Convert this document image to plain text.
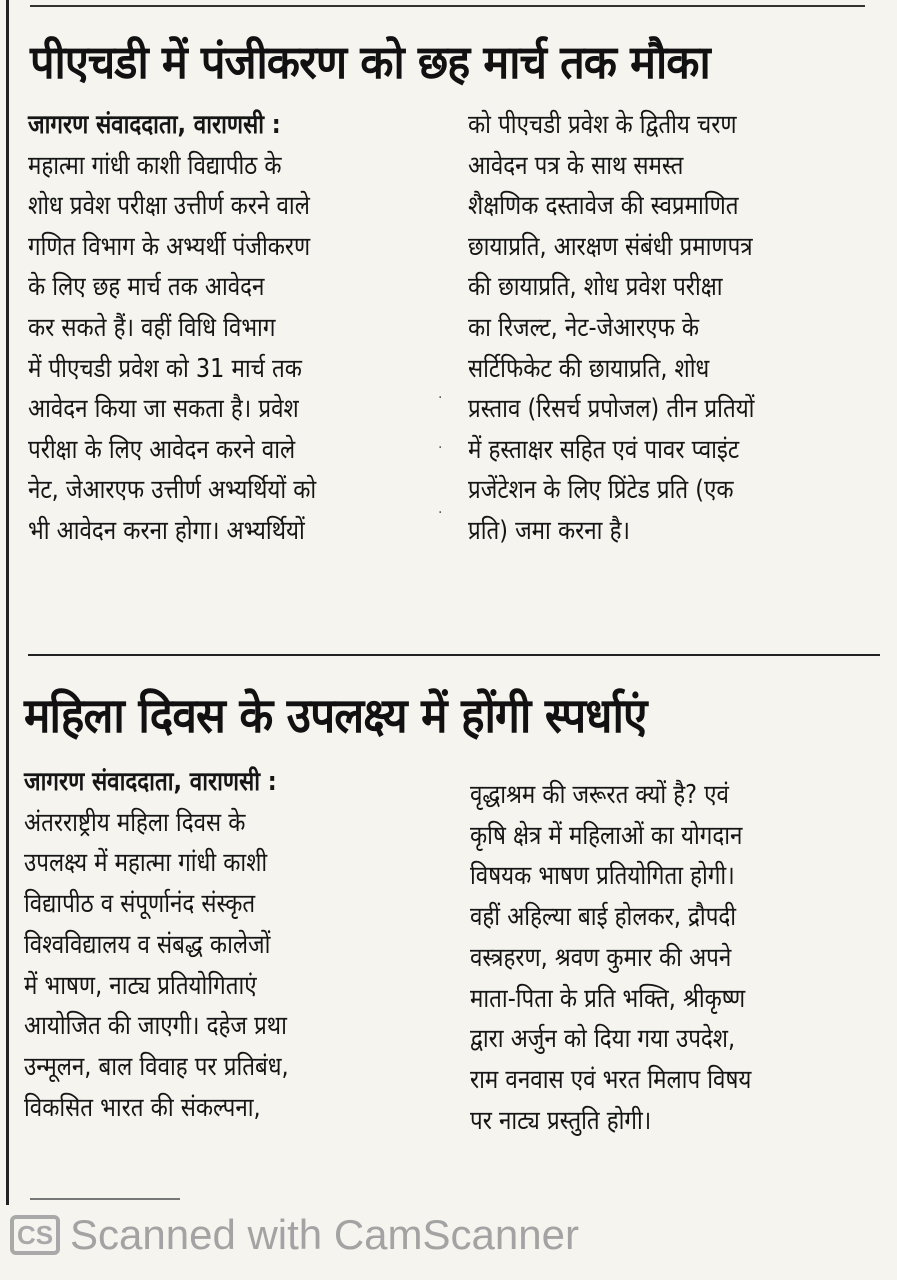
पीएचडी में पंजीकरण को छह मार्च तक मौका
जागरण संवाददाता, वाराणसी :
महात्मा गांधी काशी विद्यापीठ के
शोध प्रवेश परीक्षा उत्तीर्ण करने वाले
गणित विभाग के अभ्यर्थी पंजीकरण
के लिए छह मार्च तक आवेदन
कर सकते हैं। वहीं विधि विभाग
में पीएचडी प्रवेश को 31 मार्च तक
आवेदन किया जा सकता है। प्रवेश
परीक्षा के लिए आवेदन करने वाले
नेट, जेआरएफ उत्तीर्ण अभ्यर्थियों को
भी आवेदन करना होगा। अभ्यर्थियों
·
·
·
को पीएचडी प्रवेश के द्वितीय चरण
आवेदन पत्र के साथ समस्त
शैक्षणिक दस्तावेज की स्वप्रमाणित
छायाप्रति, आरक्षण संबंधी प्रमाणपत्र
की छायाप्रति, शोध प्रवेश परीक्षा
का रिजल्ट, नेट-जेआरएफ के
सर्टिफिकेट की छायाप्रति, शोध
प्रस्ताव (रिसर्च प्रपोजल) तीन प्रतियों
में हस्ताक्षर सहित एवं पावर प्वाइंट
प्रजेंटेशन के लिए प्रिंटेड प्रति (एक
प्रति) जमा करना है।
महिला दिवस के उपलक्ष्य में होंगी स्पर्धाएं
जागरण संवाददाता, वाराणसी :
अंतरराष्ट्रीय महिला दिवस के
उपलक्ष्य में महात्मा गांधी काशी
विद्यापीठ व संपूर्णानंद संस्कृत
विश्वविद्यालय व संबद्ध कालेजों
में भाषण, नाट्य प्रतियोगिताएं
आयोजित की जाएगी। दहेज प्रथा
उन्मूलन, बाल विवाह पर प्रतिबंध,
विकसित भारत की संकल्पना,
वृद्धाश्रम की जरूरत क्यों है? एवं
कृषि क्षेत्र में महिलाओं का योगदान
विषयक भाषण प्रतियोगिता होगी।
वहीं अहिल्या बाई होलकर, द्रौपदी
वस्त्रहरण, श्रवण कुमार की अपने
माता-पिता के प्रति भक्ति, श्रीकृष्ण
द्वारा अर्जुन को दिया गया उपदेश,
राम वनवास एवं भरत मिलाप विषय
पर नाट्य प्रस्तुति होगी।
CS Scanned with CamScanner
